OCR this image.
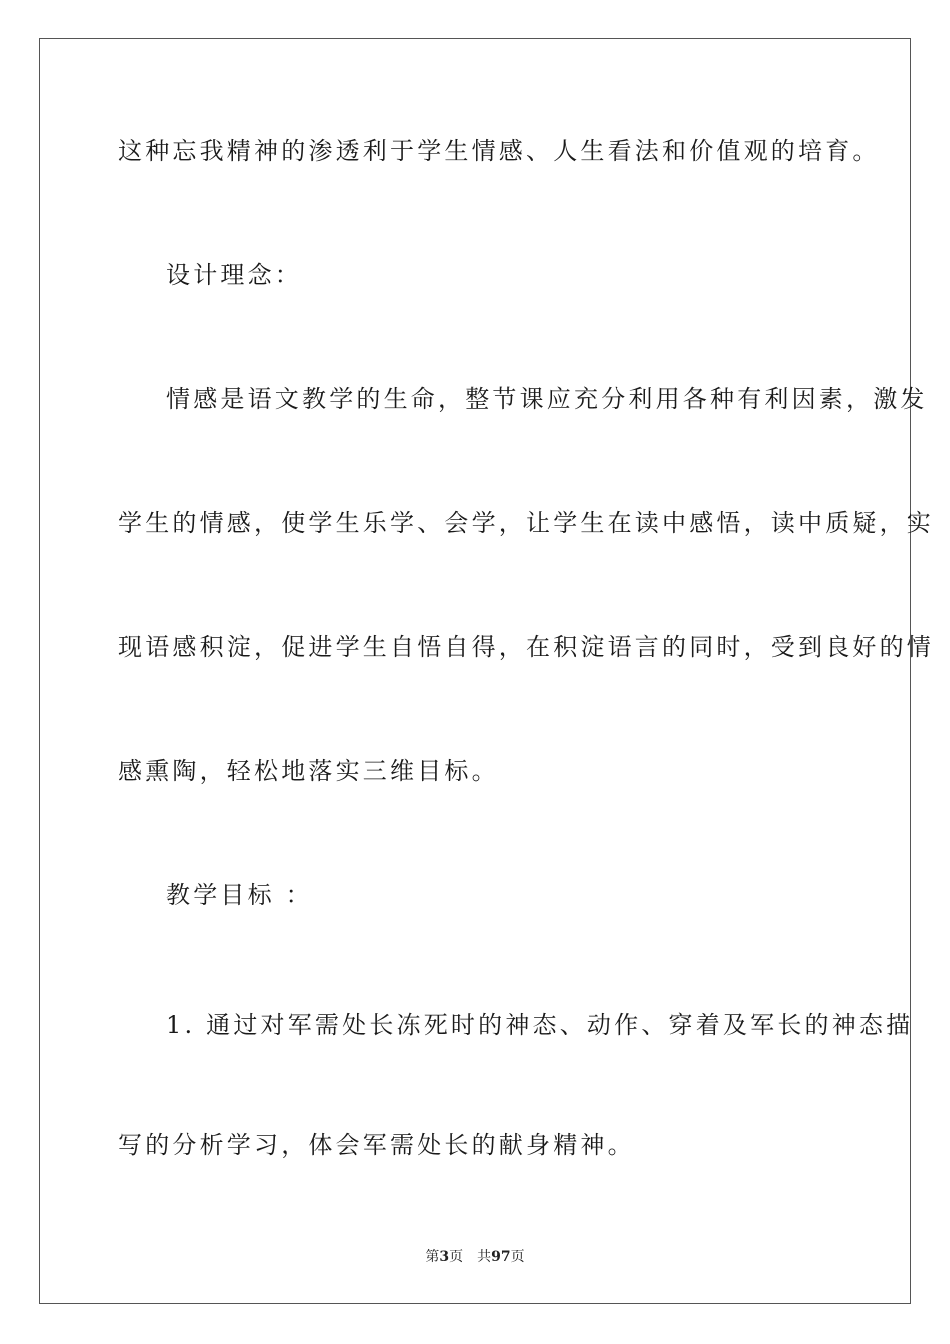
这种忘我精神的渗透利于学生情感、人生看法和价值观的培育。
设计理念：
情感是语文教学的生命，整节课应充分利用各种有利因素，激发
学生的情感，使学生乐学、会学，让学生在读中感悟，读中质疑，实
现语感积淀，促进学生自悟自得，在积淀语言的同时，受到良好的情
感熏陶，轻松地落实三维目标。
教学目标 ：
1. 通过对军需处长冻死时的神态、动作、穿着及军长的神态描
写的分析学习，体会军需处长的献身精神。
第3页 共97页
